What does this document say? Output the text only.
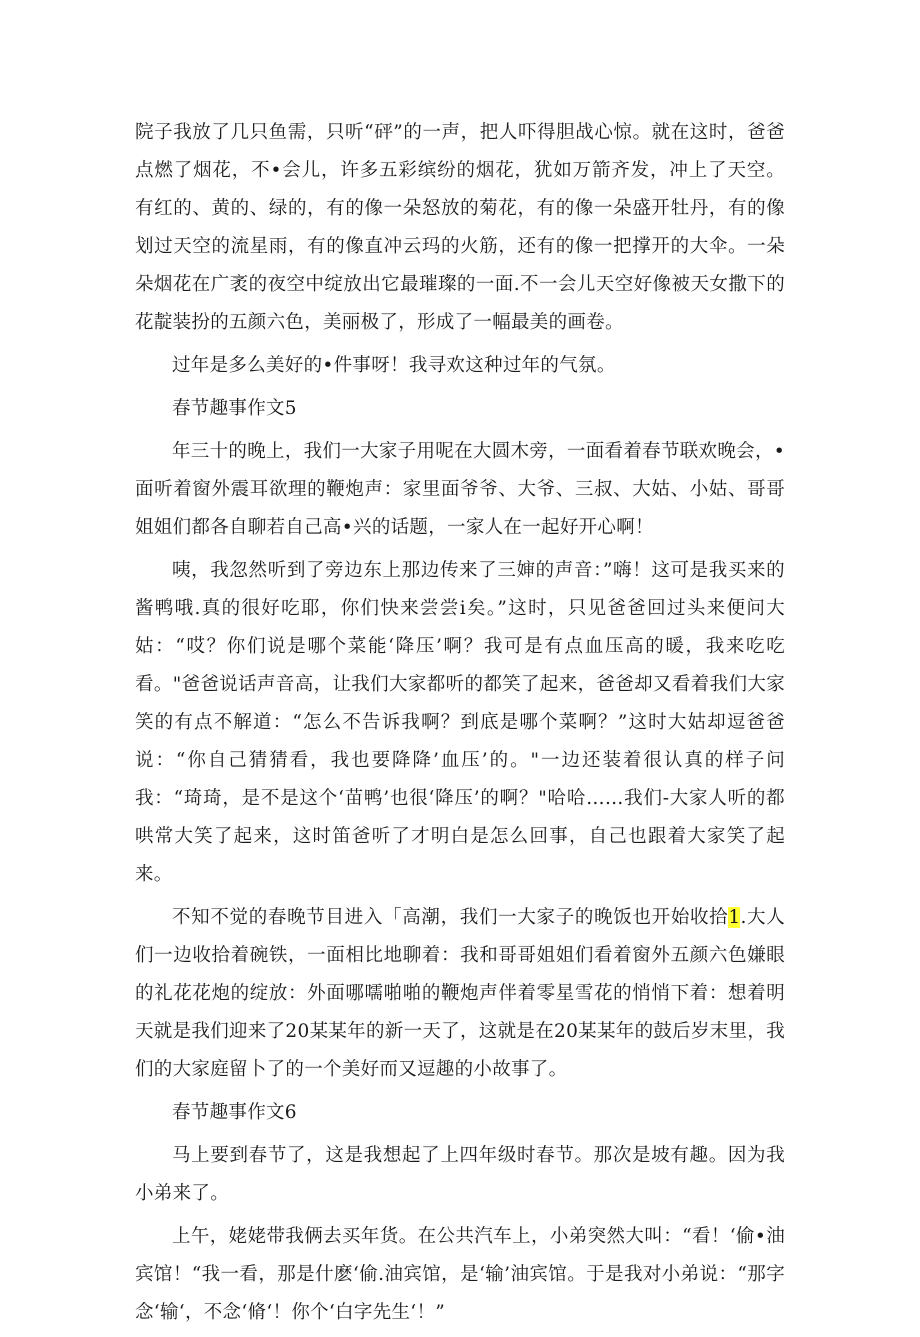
院子我放了几只鱼需，只听“砰”的一声，把人吓得胆战心惊。就在这时，爸爸点燃了烟花，不•会儿，许多五彩缤纷的烟花，犹如万箭齐发，冲上了天空。有红的、黄的、绿的，有的像一朵怒放的菊花，有的像一朵盛开牡丹，有的像划过天空的流星雨，有的像直冲云玛的火筋，还有的像一把撑开的大伞。一朵朵烟花在广袤的夜空中绽放出它最璀璨的一面.不一会儿天空好像被天女撒下的花靛装扮的五颜六色，美丽极了，形成了一幅最美的画卷。

过年是多么美好的•件事呀！我寻欢这种过年的气氛。

春节趣事作文5

年三十的晚上，我们一大家子用呢在大圆木旁，一面看着春节联欢晚会，•面听着窗外震耳欲理的鞭炮声：家里面爷爷、大爷、三叔、大姑、小姑、哥哥姐姐们都各自聊若自己高•兴的话题，一家人在一起好开心啊！

咦，我忽然听到了旁边东上那边传来了三婶的声音：”嗨！这可是我买来的酱鸭哦.真的很好吃耶，你们快来尝尝i矣。”这时，只见爸爸回过头来便问大姑：“哎？你们说是哪个菜能‘降压’啊？我可是有点血压高的暖，我来吃吃看。"爸爸说话声音高，让我们大家都听的都笑了起来，爸爸却又看着我们大家笑的有点不解道：“怎么不告诉我啊？到底是哪个菜啊？”这时大姑却逗爸爸说：“你自己猜猜看，我也要降降’血压’的。"一边还装着很认真的样子问我：“琦琦，是不是这个‘苗鸭’也很‘降压’的啊？"哈哈……我们-大家人听的都哄常大笑了起来，这时笛爸听了才明白是怎么回事，自己也跟着大家笑了起来。

不知不觉的春晚节目进入「高潮，我们一大家子的晚饭也开始收拾1.大人们一边收拾着碗铁，一面相比地聊着：我和哥哥姐姐们看着窗外五颜六色嫌眼的礼花花炮的绽放：外面哪嚅啪啪的鞭炮声伴着零星雪花的悄悄下着：想着明天就是我们迎来了20某某年的新一天了，这就是在20某某年的鼓后岁末里，我们的大家庭留卜了的一个美好而又逗趣的小故事了。

春节趣事作文6

马上要到春节了，这是我想起了上四年级时春节。那次是坡有趣。因为我小弟来了。

上午，姥姥带我俩去买年货。在公共汽车上，小弟突然大叫：“看！‘偷•油宾馆！“我一看，那是什麽‘偷.油宾馆，是‘输’油宾馆。于是我对小弟说：“那字念‘输‘，不念‘脩‘！你个‘白字先生‘！”
